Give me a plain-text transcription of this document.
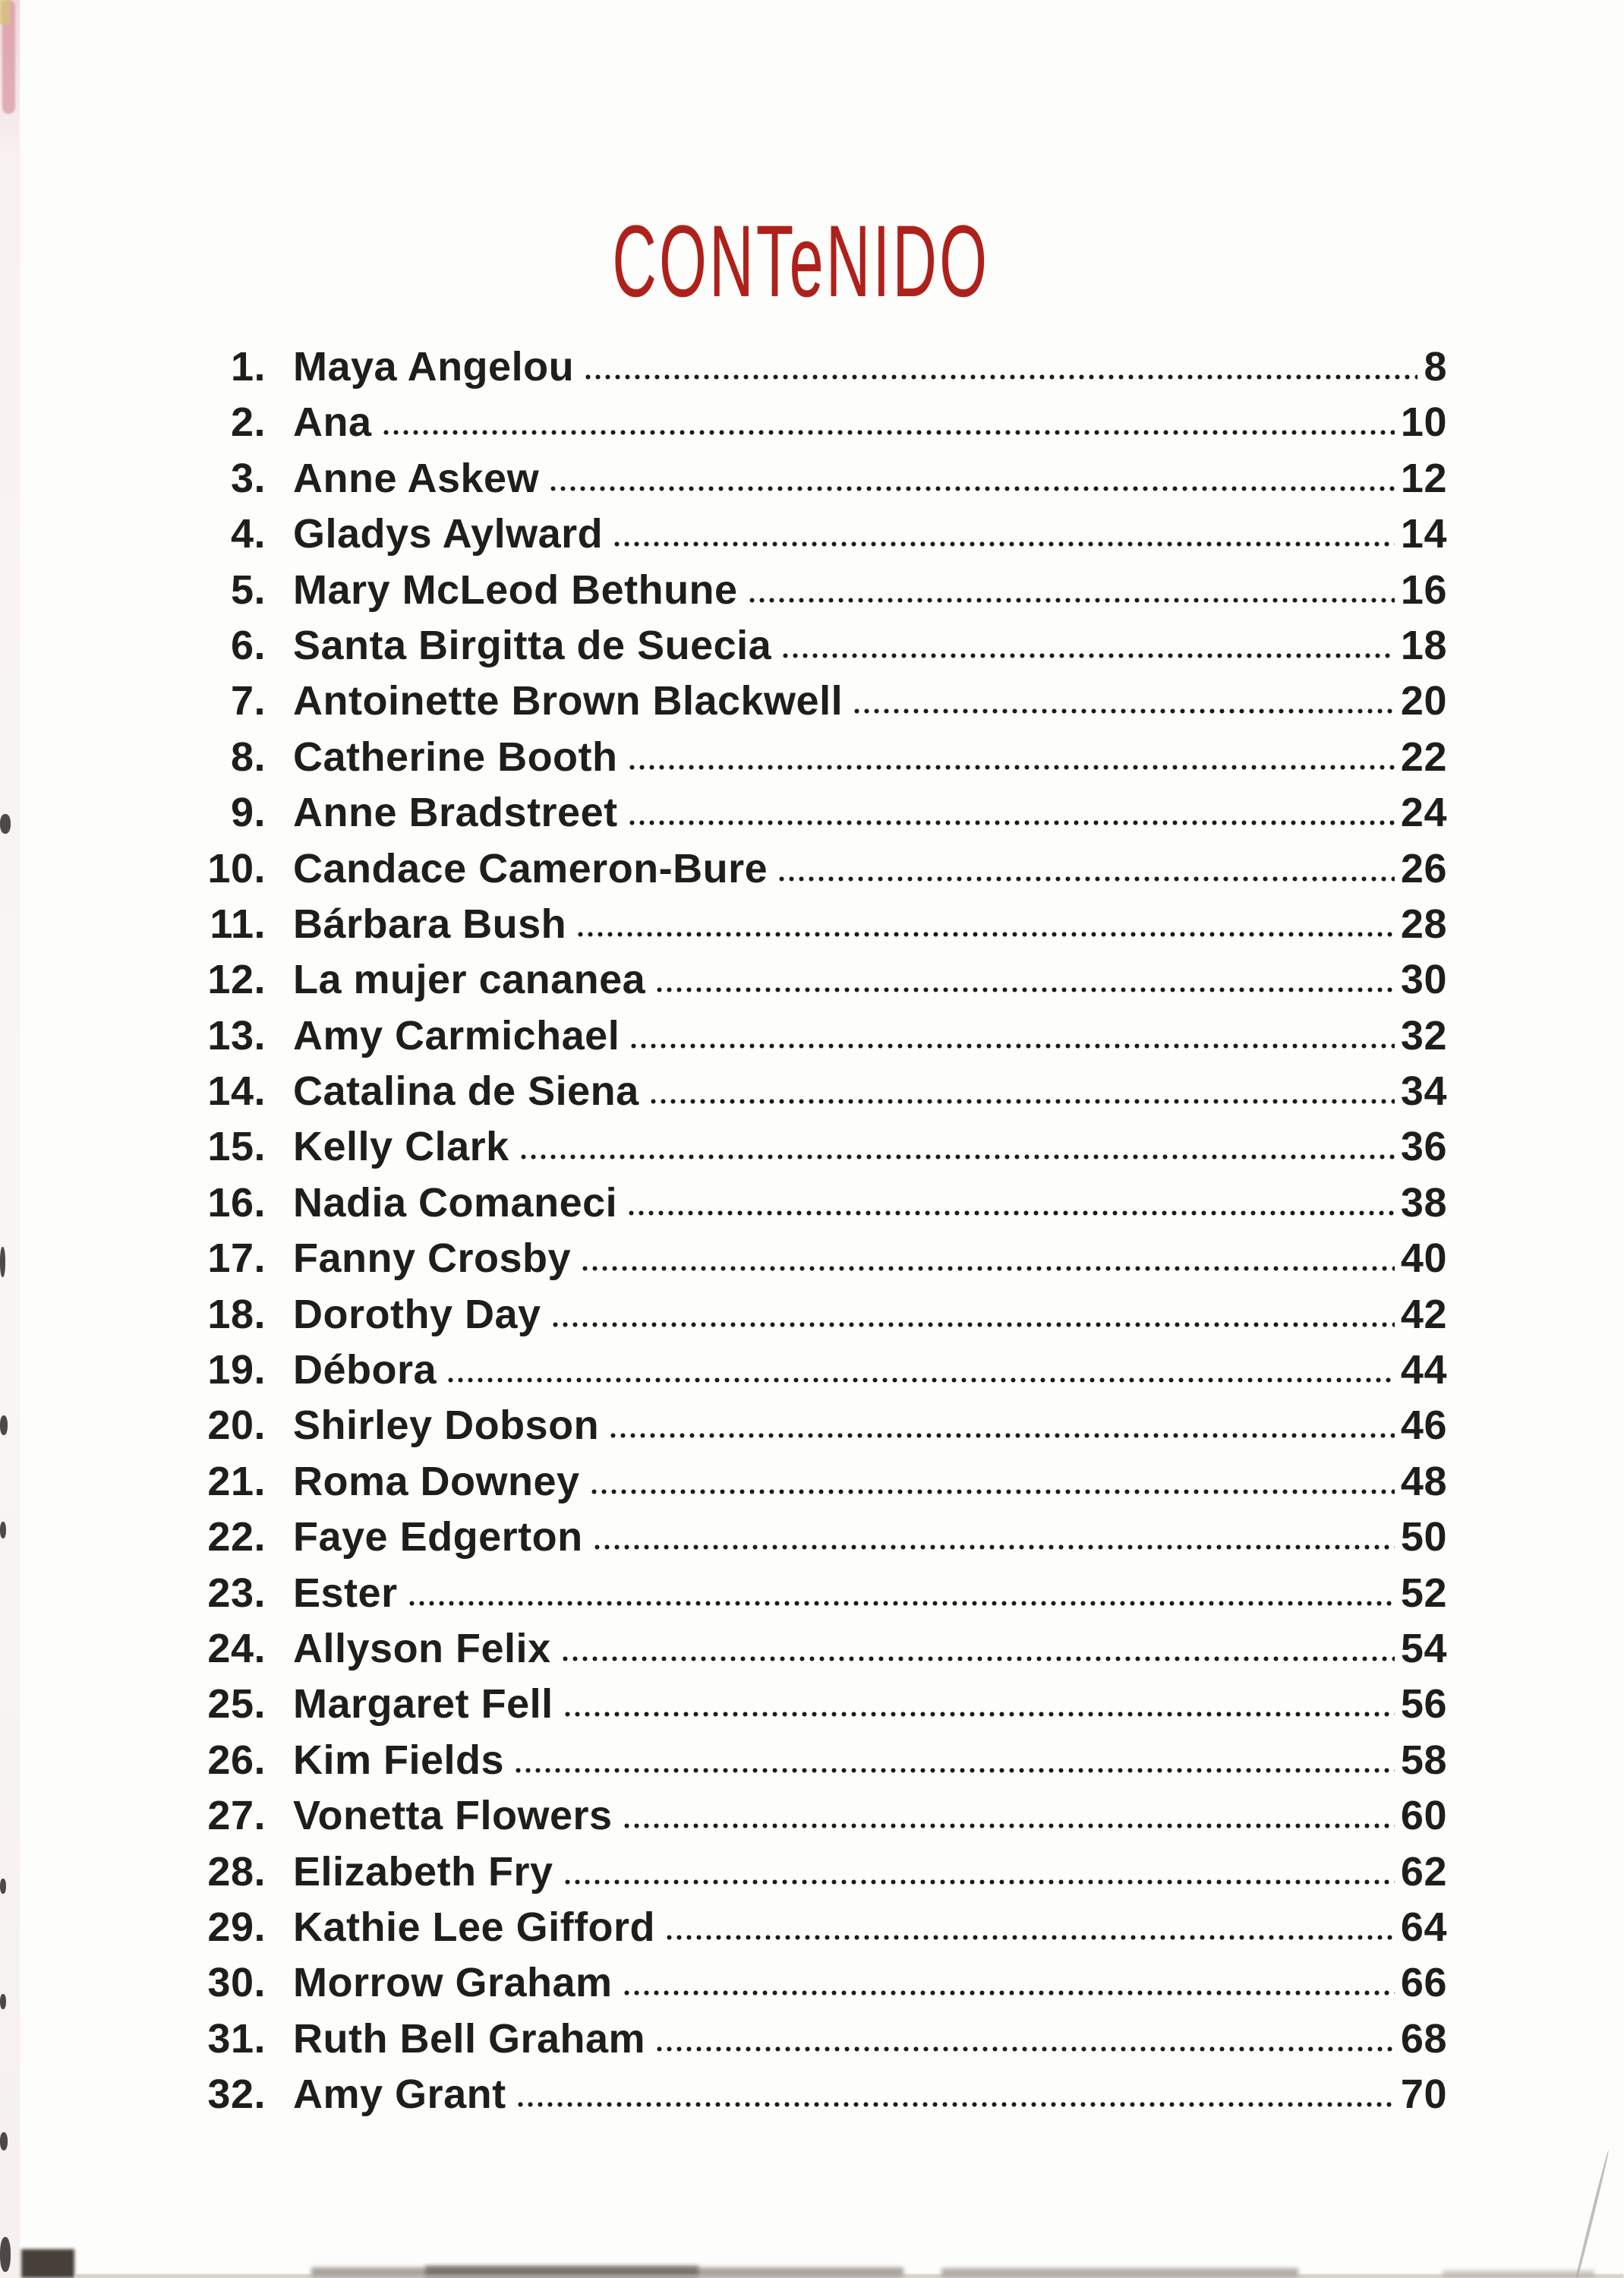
CONTeNIDO
1. Maya Angelou	8
2. Ana	10
3. Anne Askew	12
4. Gladys Aylward	14
5. Mary McLeod Bethune	16
6. Santa Birgitta de Suecia	18
7. Antoinette Brown Blackwell	20
8. Catherine Booth	22
9. Anne Bradstreet	24
10. Candace Cameron-Bure	26
11. Bárbara Bush	28
12. La mujer cananea	30
13. Amy Carmichael	32
14. Catalina de Siena	34
15. Kelly Clark	36
16. Nadia Comaneci	38
17. Fanny Crosby	40
18. Dorothy Day	42
19. Débora	44
20. Shirley Dobson	46
21. Roma Downey	48
22. Faye Edgerton	50
23. Ester	52
24. Allyson Felix	54
25. Margaret Fell	56
26. Kim Fields	58
27. Vonetta Flowers	60
28. Elizabeth Fry	62
29. Kathie Lee Gifford	64
30. Morrow Graham	66
31. Ruth Bell Graham	68
32. Amy Grant	70
